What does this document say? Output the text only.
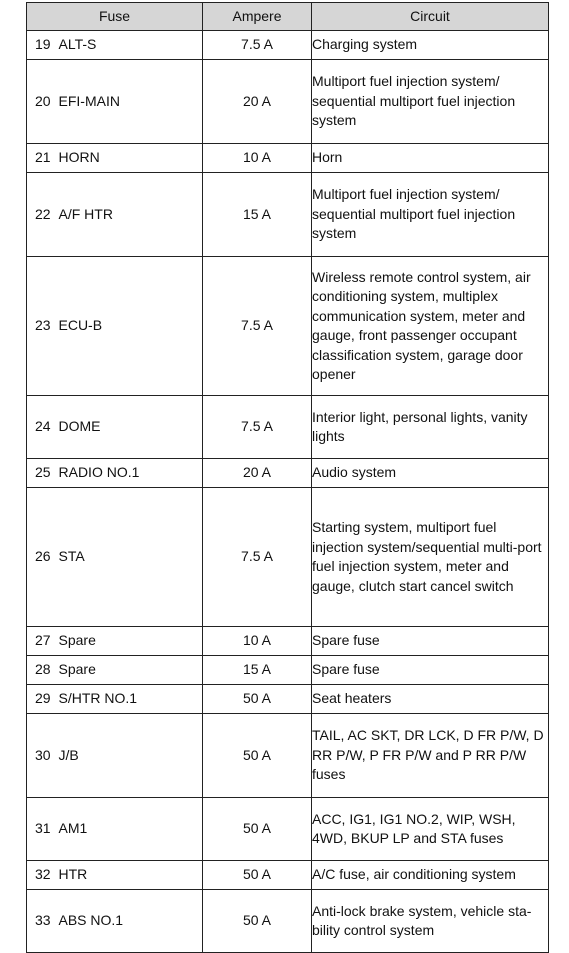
Fuse		Ampere	Circuit
19	ALT-S	7.5 A	Charging system
20	EFI-MAIN	20 A	Multiport fuel injection system/ sequential multiport fuel injection system
21	HORN	10 A	Horn
22	A/F HTR	15 A	Multiport fuel injection system/ sequential multiport fuel injection system
23	ECU-B	7.5 A	Wireless remote control system, air conditioning system, multiplex communication system, meter and gauge, front passenger occupant classification system, garage door opener
24	DOME	7.5 A	Interior light, personal lights, vanity lights
25	RADIO NO.1	20 A	Audio system
26	STA	7.5 A	Starting system, multiport fuel injection system/sequential multi-port fuel injection system, meter and gauge, clutch start cancel switch
27	Spare	10 A	Spare fuse
28	Spare	15 A	Spare fuse
29	S/HTR NO.1	50 A	Seat heaters
30	J/B	50 A	TAIL, AC SKT, DR LCK, D FR P/W, D RR P/W, P FR P/W and P RR P/W fuses
31	AM1	50 A	ACC, IG1, IG1 NO.2, WIP, WSH, 4WD, BKUP LP and STA fuses
32	HTR	50 A	A/C fuse, air conditioning system
33	ABS NO.1	50 A	Anti-lock brake system, vehicle sta-bility control system
